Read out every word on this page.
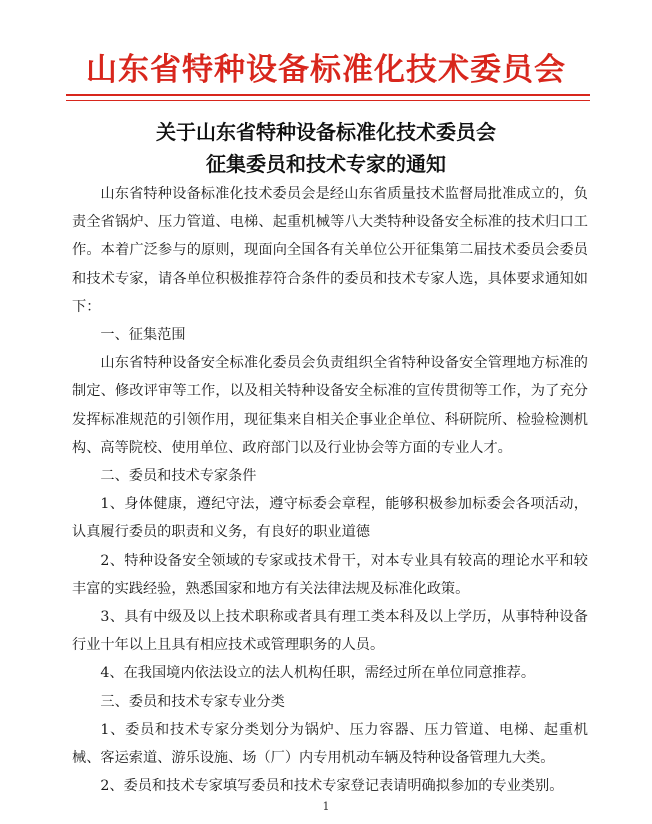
山东省特种设备标准化技术委员会
关于山东省特种设备标准化技术委员会
征集委员和技术专家的通知

山东省特种设备标准化技术委员会是经山东省质量技术监督局批准成立的，负责全省锅炉、压力管道、电梯、起重机械等八大类特种设备安全标准的技术归口工作。本着广泛参与的原则，现面向全国各有关单位公开征集第二届技术委员会委员和技术专家，请各单位积极推荐符合条件的委员和技术专家人选，具体要求通知如下：

一、征集范围

山东省特种设备安全标准化委员会负责组织全省特种设备安全管理地方标准的制定、修改评审等工作，以及相关特种设备安全标准的宣传贯彻等工作，为了充分发挥标准规范的引领作用，现征集来自相关企事业企单位、科研院所、检验检测机构、高等院校、使用单位、政府部门以及行业协会等方面的专业人才。

二、委员和技术专家条件

1、身体健康，遵纪守法，遵守标委会章程，能够积极参加标委会各项活动，认真履行委员的职责和义务，有良好的职业道德

2、特种设备安全领域的专家或技术骨干，对本专业具有较高的理论水平和较丰富的实践经验，熟悉国家和地方有关法律法规及标准化政策。

3、具有中级及以上技术职称或者具有理工类本科及以上学历，从事特种设备行业十年以上且具有相应技术或管理职务的人员。

4、在我国境内依法设立的法人机构任职，需经过所在单位同意推荐。

三、委员和技术专家专业分类

1、委员和技术专家分类划分为锅炉、压力容器、压力管道、电梯、起重机械、客运索道、游乐设施、场（厂）内专用机动车辆及特种设备管理九大类。

2、委员和技术专家填写委员和技术专家登记表请明确拟参加的专业类别。

1
